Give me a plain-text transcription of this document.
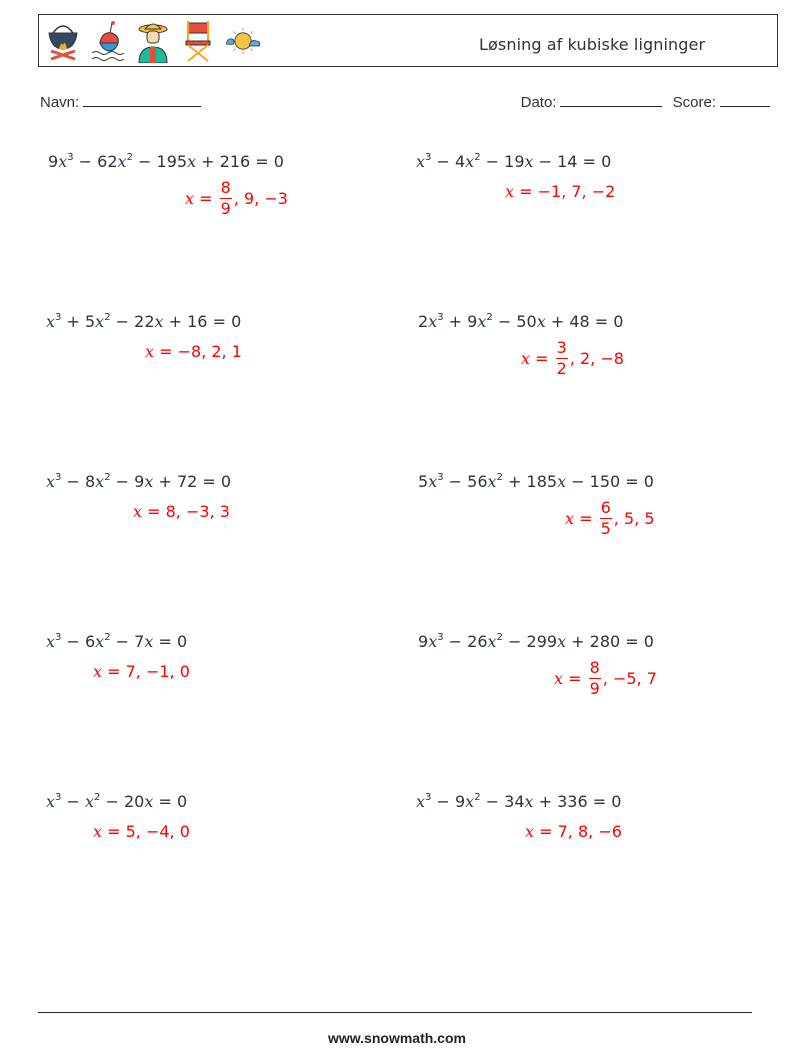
Løsning af kubiske ligninger
Navn:	Dato:	Score:
$9x^3 - 62x^2 - 195x + 216 = 0$
$x = \frac{8}{9}$ , 9, −3
$x^3 - 4x^2 - 19x - 14 = 0$
x = −1, 7, −2
$x^3 + 5x^2 - 22x + 16 = 0$
x = −8, 2, 1
$2x^3 + 9x^2 - 50x + 48 = 0$
$x = \frac{3}{2}$ , 2, −8
$x^3 - 8x^2 - 9x + 72 = 0$
x = 8, −3, 3
$5x^3 - 56x^2 + 185x - 150 = 0$
$x = \frac{6}{5}$ , 5, 5
$x^3 - 6x^2 - 7x = 0$
x = 7, −1, 0
$9x^3 - 26x^2 - 299x + 280 = 0$
$x = \frac{8}{9}$ , −5, 7
$x^3 - x^2 - 20x = 0$
x = 5, −4, 0
$x^3 - 9x^2 - 34x + 336 = 0$
x = 7, 8, −6
www.snowmath.com
